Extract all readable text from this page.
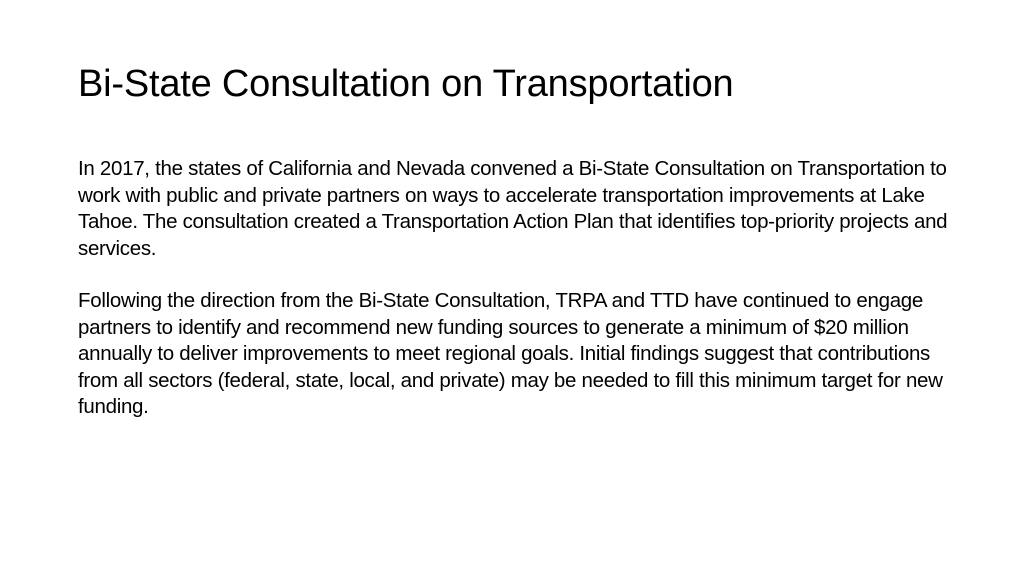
Bi-State Consultation on Transportation

In 2017, the states of California and Nevada convened a Bi-State Consultation on Transportation to work with public and private partners on ways to accelerate transportation improvements at Lake Tahoe. The consultation created a Transportation Action Plan that identifies top-priority projects and services.

Following the direction from the Bi-State Consultation, TRPA and TTD have continued to engage partners to identify and recommend new funding sources to generate a minimum of $20 million annually to deliver improvements to meet regional goals. Initial findings suggest that contributions from all sectors (federal, state, local, and private) may be needed to fill this minimum target for new funding.
